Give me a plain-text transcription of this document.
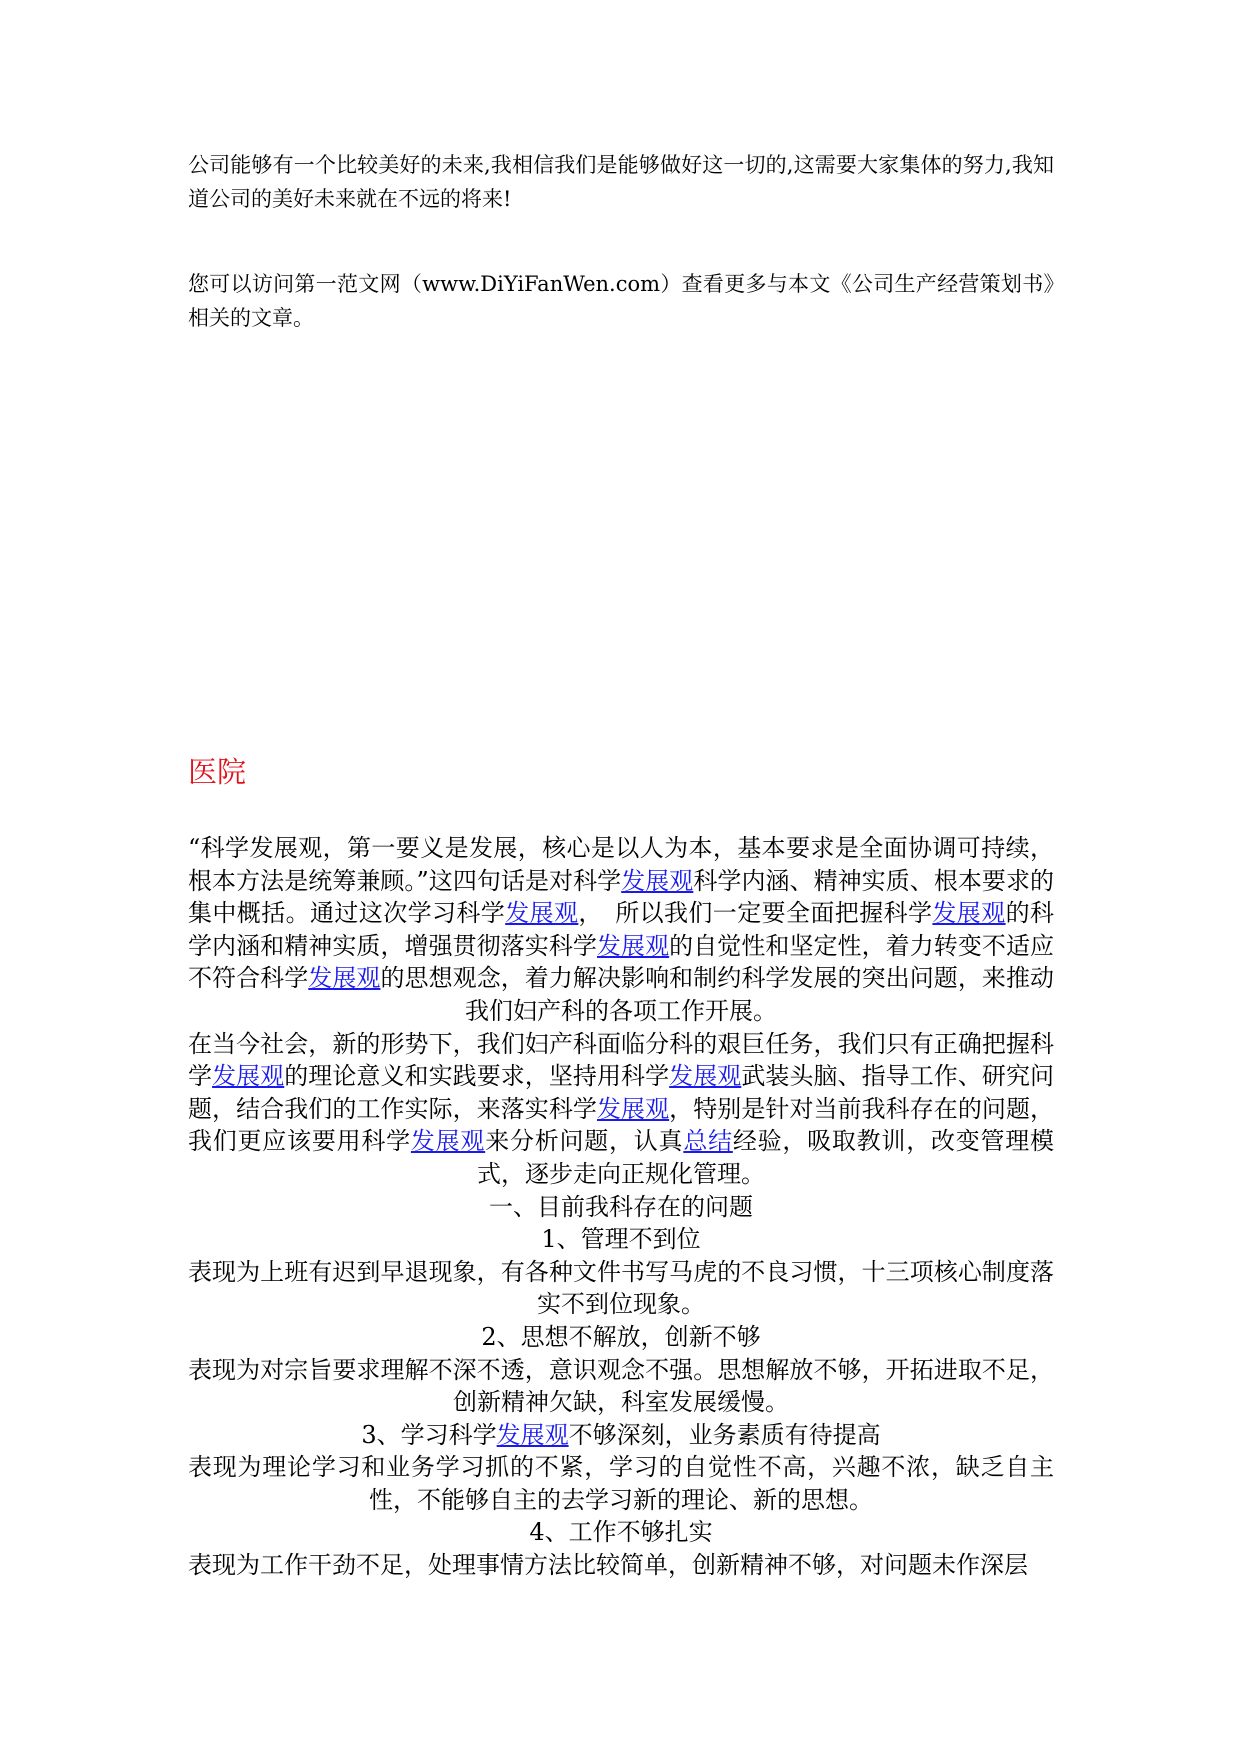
公司能够有一个比较美好的未来,我相信我们是能够做好这一切的,这需要大家集体的努力,我知道公司的美好未来就在不远的将来!

您可以访问第一范文网（www.DiYiFanWen.com）查看更多与本文《公司生产经营策划书》相关的文章。

医院

“科学发展观，第一要义是发展，核心是以人为本，基本要求是全面协调可持续，根本方法是统筹兼顾。”这四句话是对科学发展观科学内涵、精神实质、根本要求的集中概括。通过这次学习科学发展观，　所以我们一定要全面把握科学发展观的科学内涵和精神实质，增强贯彻落实科学发展观的自觉性和坚定性，着力转变不适应不符合科学发展观的思想观念，着力解决影响和制约科学发展的突出问题，来推动我们妇产科的各项工作开展。

在当今社会，新的形势下，我们妇产科面临分科的艰巨任务，我们只有正确把握科学发展观的理论意义和实践要求，坚持用科学发展观武装头脑、指导工作、研究问题，结合我们的工作实际，来落实科学发展观，特别是针对当前我科存在的问题，我们更应该要用科学发展观来分析问题，认真总结经验，吸取教训，改变管理模式，逐步走向正规化管理。

一、目前我科存在的问题

1、管理不到位

表现为上班有迟到早退现象，有各种文件书写马虎的不良习惯，十三项核心制度落实不到位现象。

2、思想不解放，创新不够

表现为对宗旨要求理解不深不透，意识观念不强。思想解放不够，开拓进取不足，创新精神欠缺，科室发展缓慢。

3、学习科学发展观不够深刻，业务素质有待提高

表现为理论学习和业务学习抓的不紧，学习的自觉性不高，兴趣不浓，缺乏自主性，不能够自主的去学习新的理论、新的思想。

4、工作不够扎实

表现为工作干劲不足，处理事情方法比较简单，创新精神不够，对问题未作深层
